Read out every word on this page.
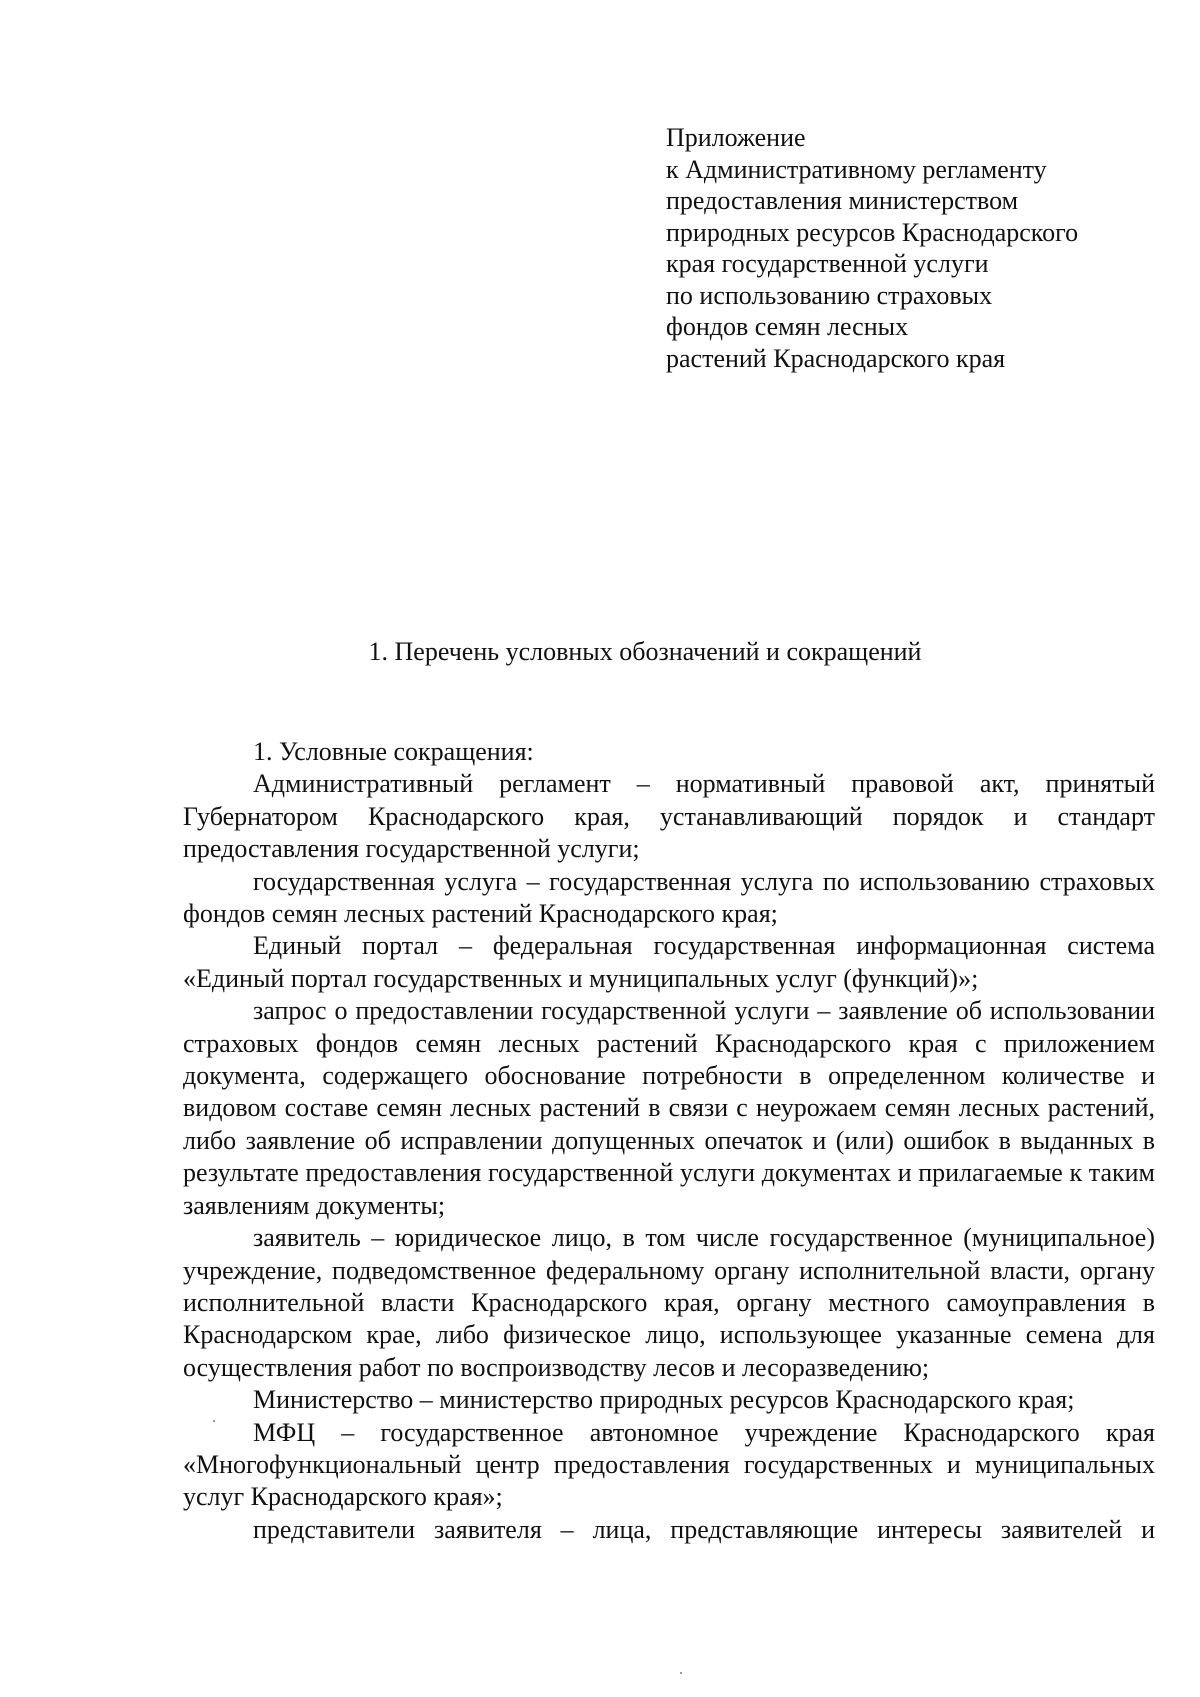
Приложение
к Административному регламенту
предоставления министерством
природных ресурсов Краснодарского
края государственной услуги
по использованию страховых
фондов семян лесных
растений Краснодарского края
1. Перечень условных обозначений и сокращений

1. Условные сокращения:

Административный регламент – нормативный правовой акт, принятый Губернатором Краснодарского края, устанавливающий порядок и стандарт предоставления государственной услуги;

государственная услуга – государственная услуга по использованию страховых фондов семян лесных растений Краснодарского края;

Единый портал – федеральная государственная информационная система «Единый портал государственных и муниципальных услуг (функций)»;

запрос о предоставлении государственной услуги – заявление об использовании страховых фондов семян лесных растений Краснодарского края с приложением документа, содержащего обоснование потребности в определенном количестве и видовом составе семян лесных растений в связи с неурожаем семян лесных растений, либо заявление об исправлении допущенных опечаток и (или) ошибок в выданных в результате предоставления государственной услуги документах и прилагаемые к таким заявлениям документы;

заявитель – юридическое лицо, в том числе государственное (муниципальное) учреждение, подведомственное федеральному органу исполнительной власти, органу исполнительной власти Краснодарского края, органу местного самоуправления в Краснодарском крае, либо физическое лицо, использующее указанные семена для осуществления работ по воспроизводству лесов и лесоразведению;

Министерство – министерство природных ресурсов Краснодарского края;

МФЦ – государственное автономное учреждение Краснодарского края «Многофункциональный центр предоставления государственных и муниципальных услуг Краснодарского края»;

представители заявителя – лица, представляющие интересы заявителей и
